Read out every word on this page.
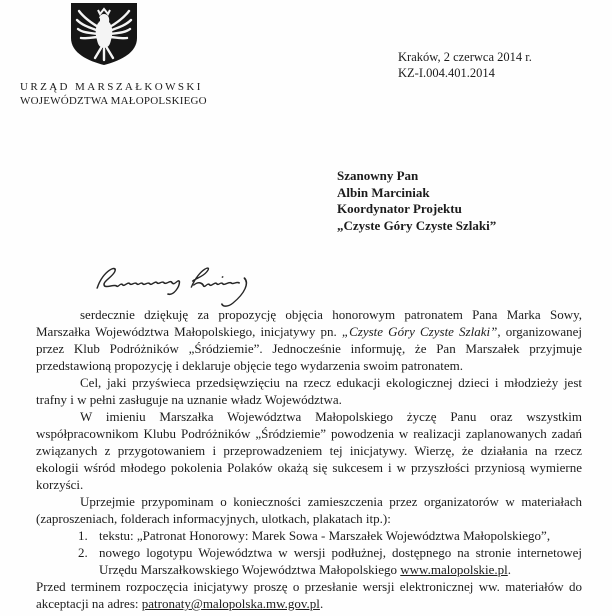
URZĄD MARSZAŁKOWSKI
WOJEWÓDZTWA MAŁOPOLSKIEGO
Kraków, 2 czerwca 2014 r.
KZ-I.004.401.2014
Szanowny Pan
Albin Marciniak
Koordynator Projektu
„Czyste Góry Czyste Szlaki”

serdecznie dziękuję za propozycję objęcia honorowym patronatem Pana Marka Sowy, Marszałka Województwa Małopolskiego, inicjatywy pn. „Czyste Góry Czyste Szlaki”, organizowanej przez Klub Podróżników „Śródziemie”. Jednocześnie informuję, że Pan Marszałek przyjmuje przedstawioną propozycję i deklaruje objęcie tego wydarzenia swoim patronatem.

Cel, jaki przyświeca przedsięwzięciu na rzecz edukacji ekologicznej dzieci i młodzieży jest trafny i w pełni zasługuje na uznanie władz Województwa.

W imieniu Marszałka Województwa Małopolskiego życzę Panu oraz wszystkim współpracownikom Klubu Podróżników „Śródziemie” powodzenia w realizacji zaplanowanych zadań związanych z przygotowaniem i przeprowadzeniem tej inicjatywy. Wierzę, że działania na rzecz ekologii wśród młodego pokolenia Polaków okażą się sukcesem i w przyszłości przyniosą wymierne korzyści.

Uprzejmie przypominam o konieczności zamieszczenia przez organizatorów w materiałach (zaproszeniach, folderach informacyjnych, ulotkach, plakatach itp.):

1. tekstu: „Patronat Honorowy: Marek Sowa - Marszałek Województwa Małopolskiego”,
2. nowego logotypu Województwa w wersji podłużnej, dostępnego na stronie internetowej Urzędu Marszałkowskiego Województwa Małopolskiego www.malopolskie.pl.

Przed terminem rozpoczęcia inicjatywy proszę o przesłanie wersji elektronicznej ww. materiałów do akceptacji na adres: patronaty@malopolska.mw.gov.pl.
